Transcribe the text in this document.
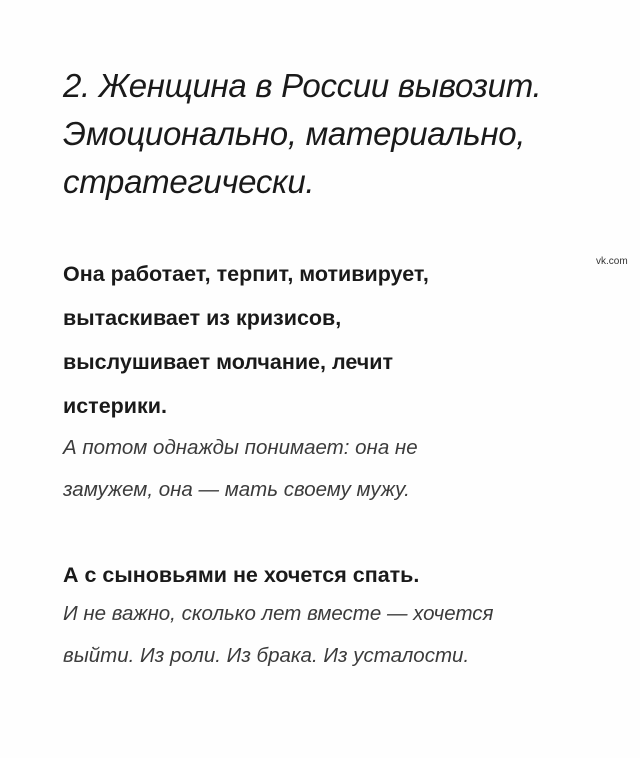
2. Женщина в России вывозит.
Эмоционально, материально,
стратегически.
vk.com

Она работает, терпит, мотивирует,
вытаскивает из кризисов,
выслушивает молчание, лечит
истерики.

А потом однажды понимает: она не
замужем, она — мать своему мужу.

А с сыновьями не хочется спать.

И не важно, сколько лет вместе — хочется
выйти. Из роли. Из брака. Из усталости.
